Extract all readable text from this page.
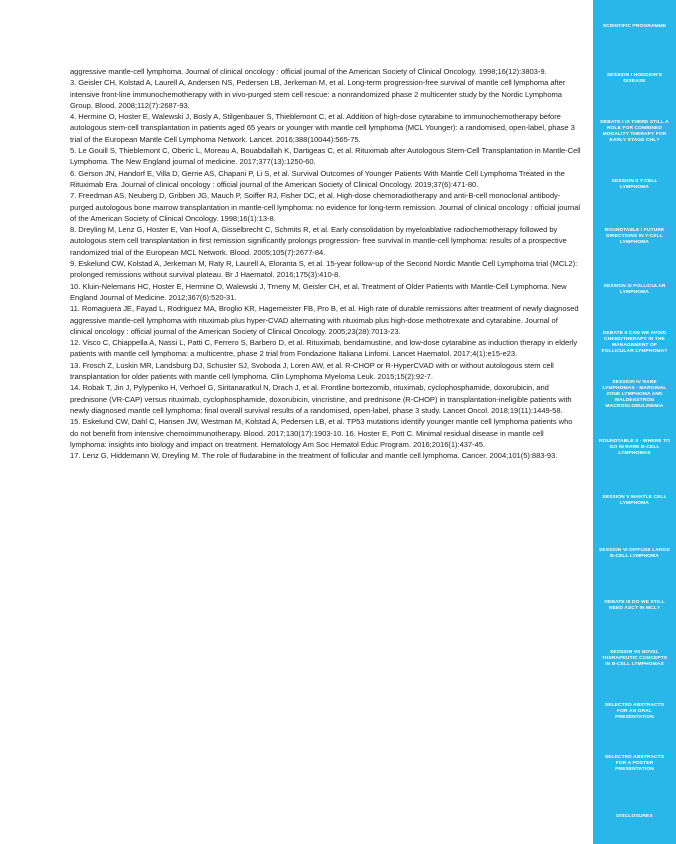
aggressive mantle-cell lymphoma. Journal of clinical oncology : official journal of the American Society of Clinical Oncology. 1998;16(12):3803-9.

3. Geisler CH, Kolstad A, Laurell A, Andersen NS, Pedersen LB, Jerkeman M, et al. Long-term progression-free survival of mantle cell lymphoma after intensive front-line immunochemotherapy with in vivo-purged stem cell rescue: a nonrandomized phase 2 multicenter study by the Nordic Lymphoma Group. Blood. 2008;112(7):2687-93.

4. Hermine O, Hoster E, Walewski J, Bosly A, Stilgenbauer S, Thieblemont C, et al. Addition of high-dose cytarabine to immunochemotherapy before autologous stem-cell transplantation in patients aged 65 years or younger with mantle cell lymphoma (MCL Younger): a randomised, open-label, phase 3 trial of the European Mantle Cell Lymphoma Network. Lancet. 2016;388(10044):565-75.

5. Le Gouill S, Thieblemont C, Oberic L, Moreau A, Bouabdallah K, Dartigeas C, et al. Rituximab after Autologous Stem-Cell Transplantation in Mantle-Cell Lymphoma. The New England journal of medicine. 2017;377(13):1250-60.

6. Gerson JN, Handorf E, Villa D, Gerrie AS, Chapani P, Li S, et al. Survival Outcomes of Younger Patients With Mantle Cell Lymphoma Treated in the Rituximab Era. Journal of clinical oncology : official journal of the American Society of Clinical Oncology. 2019;37(6):471-80.

7. Freedman AS, Neuberg D, Gribben JG, Mauch P, Soiffer RJ, Fisher DC, et al. High-dose chemoradiotherapy and anti-B-cell monoclonal antibody-purged autologous bone marrow transplantation in mantle-cell lymphoma: no evidence for long-term remission. Journal of clinical oncology : official journal of the American Society of Clinical Oncology. 1998;16(1):13-8.

8. Dreyling M, Lenz G, Hoster E, Van Hoof A, Gisselbrecht C, Schmits R, et al. Early consolidation by myeloablative radiochemotherapy followed by autologous stem cell transplantation in first remission significantly prolongs progression- free survival in mantle-cell lymphoma: results of a prospective randomized trial of the European MCL Network. Blood. 2005;105(7):2677-84.

9. Eskelund CW, Kolstad A, Jerkeman M, Raty R, Laurell A, Eloranta S, et al. 15-year follow-up of the Second Nordic Mantle Cell Lymphoma trial (MCL2): prolonged remissions without survival plateau. Br J Haematol. 2016;175(3):410-8.

10. Kluin-Nelemans HC, Hoster E, Hermine O, Walewski J, Trneny M, Geisler CH, et al. Treatment of Older Patients with Mantle-Cell Lymphoma. New England Journal of Medicine. 2012;367(6):520-31.

11. Romaguera JE, Fayad L, Rodriguez MA, Broglio KR, Hagemeister FB, Pro B, et al. High rate of durable remissions after treatment of newly diagnosed aggressive mantle-cell lymphoma with rituximab plus hyper-CVAD alternating with rituximab plus high-dose methotrexate and cytarabine. Journal of clinical oncology : official journal of the American Society of Clinical Oncology. 2005;23(28):7013-23.

12. Visco C, Chiappella A, Nassi L, Patti C, Ferrero S, Barbero D, et al. Rituximab, bendamustine, and low-dose cytarabine as induction therapy in elderly patients with mantle cell lymphoma: a multicentre, phase 2 trial from Fondazione Italiana Linfomi. Lancet Haematol. 2017;4(1):e15-e23.

13. Frosch Z, Luskin MR, Landsburg DJ, Schuster SJ, Svoboda J, Loren AW, et al. R-CHOP or R-HyperCVAD with or without autologous stem cell transplantation for older patients with mantle cell lymphoma. Clin Lymphoma Myeloma Leuk. 2015;15(2):92-7.

14. Robak T, Jin J, Pylypenko H, Verhoef G, Siritanaratkul N, Drach J, et al. Frontline bortezomib, rituximab, cyclophosphamide, doxorubicin, and prednisone (VR-CAP) versus rituximab, cyclophosphamide, doxorubicin, vincristine, and prednisone (R-CHOP) in transplantation-ineligible patients with newly diagnosed mantle cell lymphoma: final overall survival results of a randomised, open-label, phase 3 study. Lancet Oncol. 2018;19(11):1449-58.

15. Eskelund CW, Dahl C, Hansen JW, Westman M, Kolstad A, Pedersen LB, et al. TP53 mutations identify younger mantle cell lymphoma patients who do not benefit from intensive chemoimmunotherapy. Blood. 2017;130(17):1903-10. 16. Hoster E, Pott C. Minimal residual disease in mantle cell lymphoma: insights into biology and impact on treatment. Hematology Am Soc Hematol Educ Program. 2016;2016(1):437-45.

17. Lenz G, Hiddemann W, Dreyling M. The role of fludarabine in the treatment of follicular and mantle cell lymphoma. Cancer. 2004;101(5):883-93.

SCIENTIFIC PROGRAMME
SESSION I HODGKIN'S DISEASE
DEBATE I IS THERE STILL A ROLE FOR COMBINED MODALITY THERAPY FOR EARLY STAGE CHL?
SESSION II T-CELL LYMPHOMA
ROUNDTABLE I FUTURE DIRECTIONS IN T-CELL LYMPHOMA
SESSION III FOLLICULAR LYMPHOMA
DEBATE II CAN WE AVOID CHEMOTHERAPY IN THE MANAGEMENT OF FOLLICULAR LYMPHOMA?
SESSION IV RARE LYMPHOMAS - MARGINAL ZONE LYMPHOMA AND WALDENSTRÖM MACROGLOBULINEMIA
ROUNDTABLE II - WHERE TO GO IN RARE B-CELL LYMPHOMAS
SESSION V MANTLE CELL LYMPHOMA
SESSION VI DIFFUSE LARGE B-CELL LYMPHOMA
DEBATE III DO WE STILL NEED ASCT IN MCL?
SESSION VII NOVEL THERAPEUTIC CONCEPTS IN B-CELL LYMPHOMAS
SELECTED ABSTRACTS FOR AN ORAL PRESENTATION
SELECTED ABSTRACTS FOR A POSTER PRESENTATION
DISCLOSURES
